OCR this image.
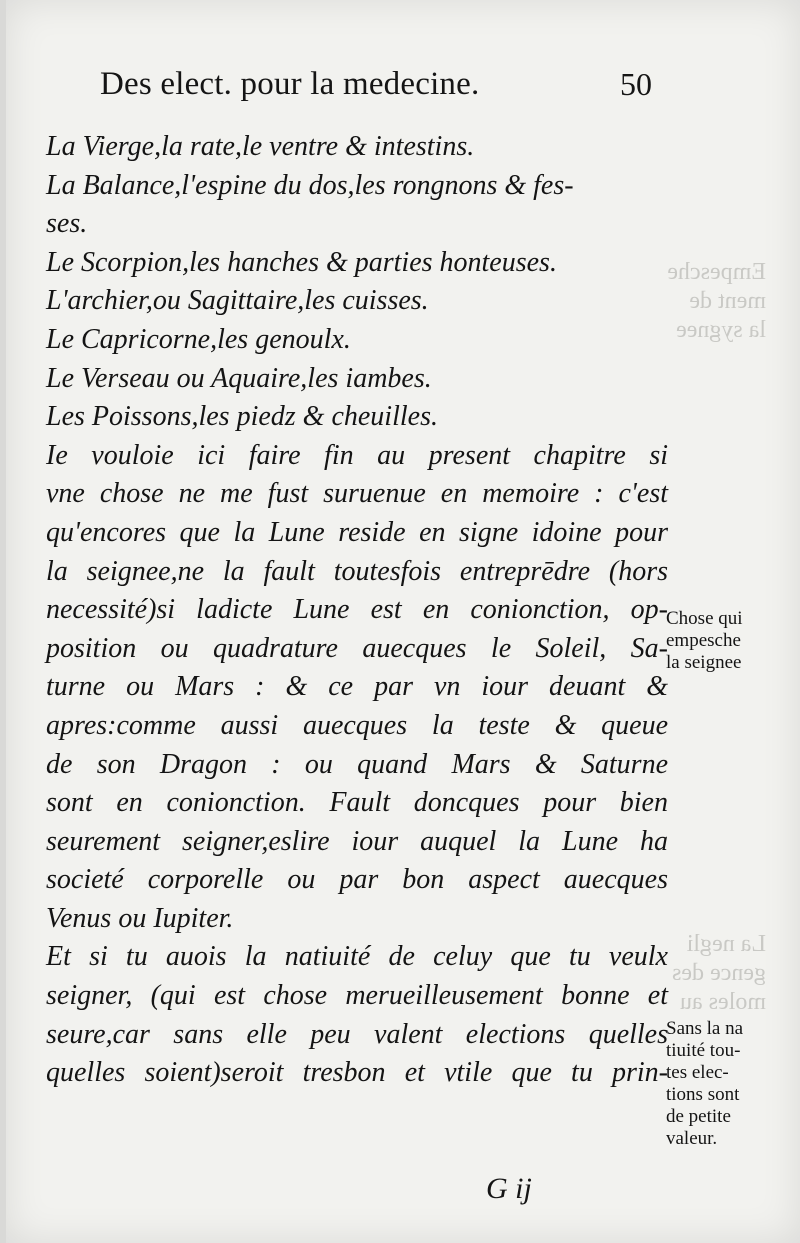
Empesche
ment de
la sygnee
La negli
gence des
moles au
Des elect. pour la medecine.	50
La Vierge,la rate,le ventre & intestins.
La Balance,l'espine du dos,les rongnons & fes-
ses.
Le Scorpion,les hanches & parties honteuses.
L'archier,ou Sagittaire,les cuisses.
Le Capricorne,les genoulx.
Le Verseau ou Aquaire,les iambes.
Les Poissons,les piedz & cheuilles.
Ie vouloie ici faire fin au present chapitre si
vne chose ne me fust suruenue en memoire : c'est
qu'encores que la Lune reside en signe idoine pour
la seignee,ne la fault toutesfois entreprēdre (hors
necessité)si ladicte Lune est en conionction, op-
position ou quadrature auecques le Soleil, Sa-
turne ou Mars : & ce par vn iour deuant &
apres:comme aussi auecques la teste & queue
de son Dragon : ou quand Mars & Saturne
sont en conionction. Fault doncques pour bien
seurement seigner,eslire iour auquel la Lune ha
societé corporelle ou par bon aspect auecques
Venus ou Iupiter.
Et si tu auois la natiuité de celuy que tu veulx
seigner, (qui est chose merueilleusement bonne et
seure,car sans elle peu valent elections quelles
quelles soient)seroit tresbon et vtile que tu prin-
Chose qui
empesche
la seignee
Sans la na
tiuité tou-
tes elec-
tions sont
de petite
valeur.
G ij
